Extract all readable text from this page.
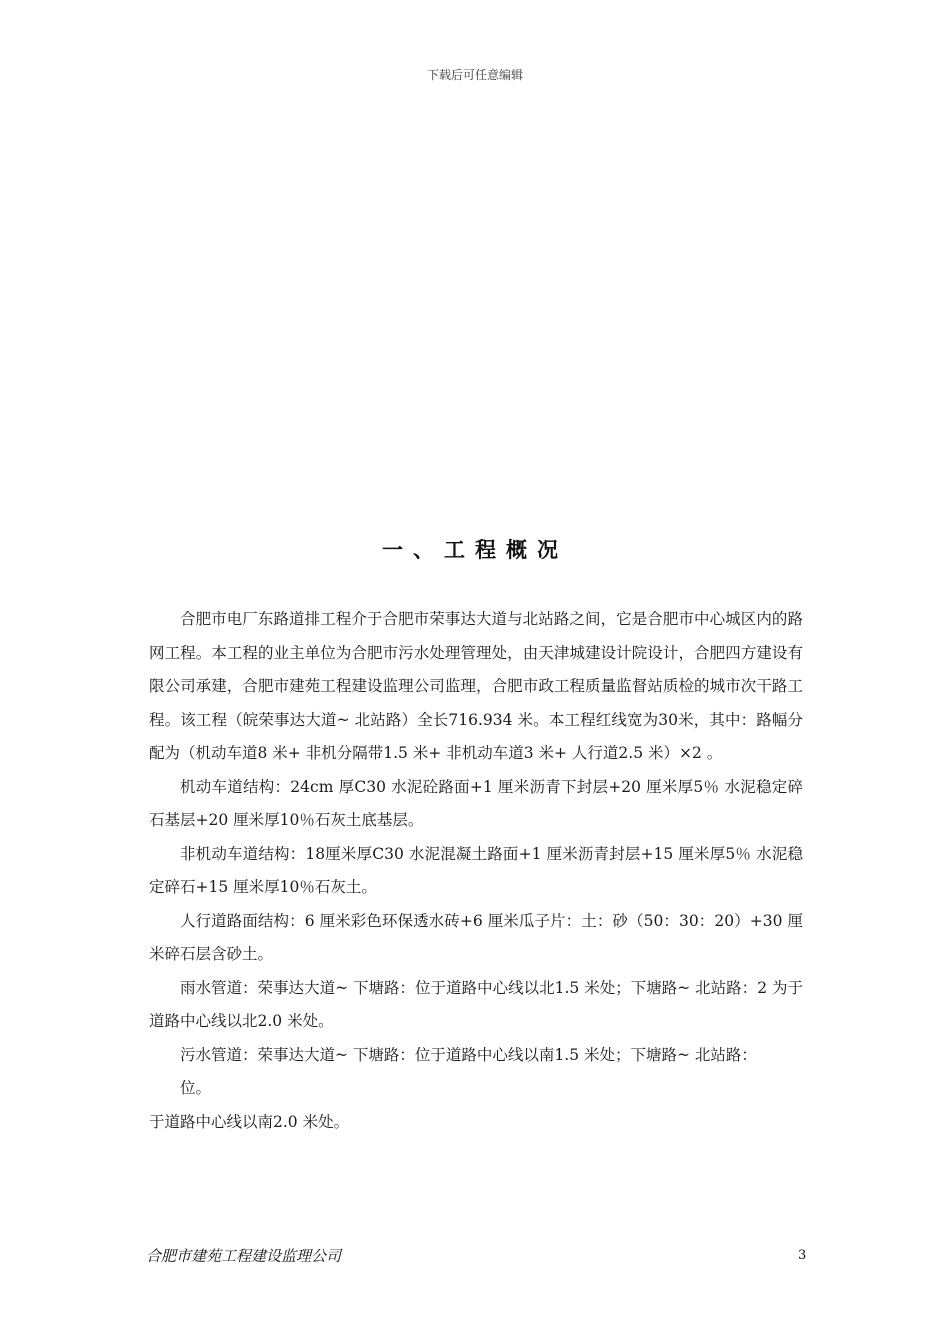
下载后可任意编辑
一、工程概况

合肥市电厂东路道排工程介于合肥市荣事达大道与北站路之间，它是合肥市中心城区内的路网工程。本工程的业主单位为合肥市污水处理管理处，由天津城建设计院设计，合肥四方建设有限公司承建，合肥市建苑工程建设监理公司监理，合肥市政工程质量监督站质检的城市次干路工程。该工程（皖荣事达大道~ 北站路）全长716.934 米。本工程红线宽为30米，其中：路幅分配为（机动车道8 米+ 非机分隔带1.5 米+ 非机动车道3 米+ 人行道2.5 米）×2 。

机动车道结构：24cm 厚C30 水泥砼路面+1 厘米沥青下封层+20 厘米厚5％ 水泥稳定碎石基层+20 厘米厚10％石灰土底基层。

非机动车道结构：18厘米厚C30 水泥混凝土路面+1 厘米沥青封层+15 厘米厚5％ 水泥稳定碎石+15 厘米厚10％石灰土。

人行道路面结构：6 厘米彩色环保透水砖+6 厘米瓜子片：土：砂（50：30：20）+30 厘米碎石层含砂土。

雨水管道：荣事达大道~ 下塘路：位于道路中心线以北1.5 米处；下塘路~ 北站路：2 为于道路中心线以北2.0 米处。

污水管道：荣事达大道~ 下塘路：位于道路中心线以南1.5 米处；下塘路~ 北站路：

位。

于道路中心线以南2.0 米处。

合肥市建苑工程建设监理公司	3
